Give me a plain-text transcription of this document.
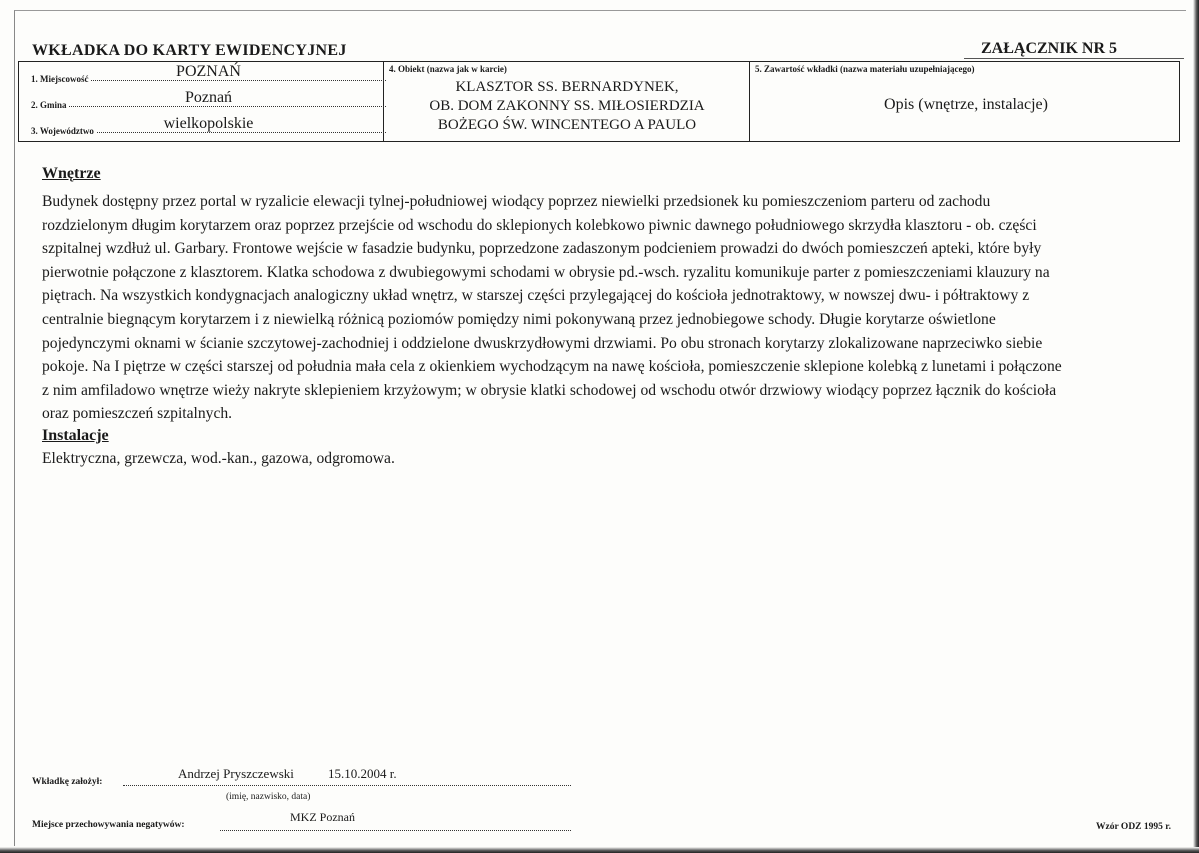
WKŁADKA DO KARTY EWIDENCYJNEJ	ZAŁĄCZNIK NR 5
1. Miejscowość	POZNAŃ
2. Gmina	Poznań
3. Województwo	wielkopolskie
4. Obiekt (nazwa jak w karcie)
KLASZTOR SS. BERNARDYNEK,
OB. DOM ZAKONNY SS. MIŁOSIERDZIA
BOŻEGO ŚW. WINCENTEGO A PAULO
5. Zawartość wkładki (nazwa materiału uzupełniającego)
Opis (wnętrze, instalacje)
Wnętrze
Budynek dostępny przez portal w ryzalicie elewacji tylnej-południowej wiodący poprzez niewielki przedsionek ku pomieszczeniom parteru od zachodu
rozdzielonym długim korytarzem oraz poprzez przejście od wschodu do sklepionych kolebkowo piwnic dawnego południowego skrzydła klasztoru - ob. części
szpitalnej wzdłuż ul. Garbary. Frontowe wejście w fasadzie budynku, poprzedzone zadaszonym podcieniem prowadzi do dwóch pomieszczeń apteki, które były
pierwotnie połączone z klasztorem. Klatka schodowa z dwubiegowymi schodami w obrysie pd.-wsch. ryzalitu komunikuje parter z pomieszczeniami klauzury na
piętrach. Na wszystkich kondygnacjach analogiczny układ wnętrz, w starszej części przylegającej do kościoła jednotraktowy, w nowszej dwu- i półtraktowy z
centralnie biegnącym korytarzem i z niewielką różnicą poziomów pomiędzy nimi pokonywaną przez jednobiegowe schody. Długie korytarze oświetlone
pojedynczymi oknami w ścianie szczytowej-zachodniej i oddzielone dwuskrzydłowymi drzwiami. Po obu stronach korytarzy zlokalizowane naprzeciwko siebie
pokoje. Na I piętrze w części starszej od południa mała cela z okienkiem wychodzącym na nawę kościoła, pomieszczenie sklepione kolebką z lunetami i połączone
z nim amfiladowo wnętrze wieży nakryte sklepieniem krzyżowym; w obrysie klatki schodowej od wschodu otwór drzwiowy wiodący poprzez łącznik do kościoła
oraz pomieszczeń szpitalnych.
Instalacje
Elektryczna, grzewcza, wod.-kan., gazowa, odgromowa.
Wkładkę założył:
Andrzej Pryszczewski	15.10.2004 r.
(imię, nazwisko, data)
Miejsce przechowywania negatywów:
MKZ Poznań
Wzór ODZ 1995 r.
